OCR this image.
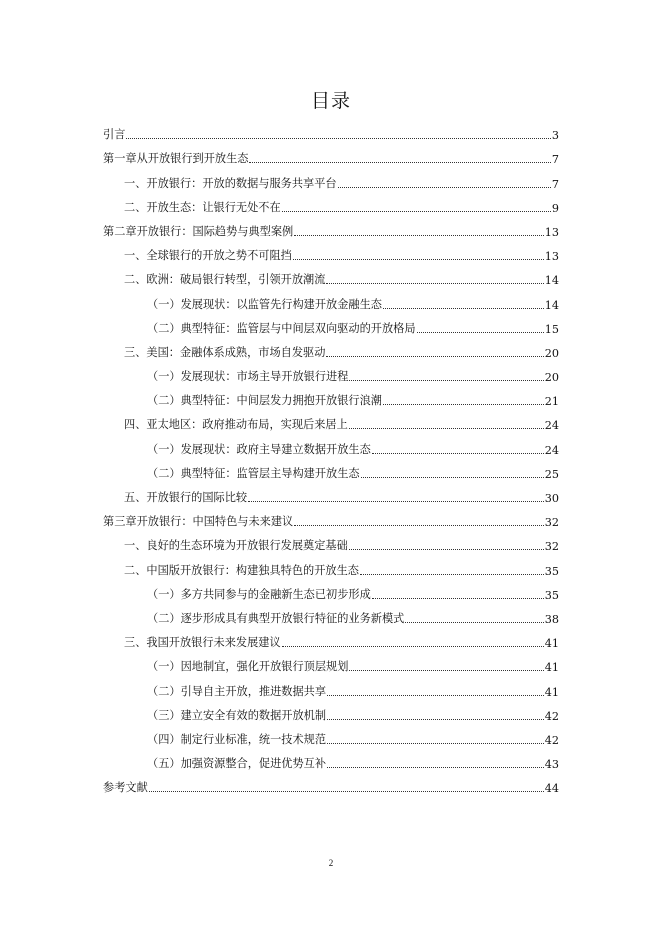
目录
引言	3
第一章从开放银行到开放生态	7
一、开放银行：开放的数据与服务共享平台	7
二、开放生态：让银行无处不在	9
第二章开放银行：国际趋势与典型案例	13
一、全球银行的开放之势不可阻挡	13
二、欧洲：破局银行转型，引领开放潮流	14
（一）发展现状：以监管先行构建开放金融生态	14
（二）典型特征：监管层与中间层双向驱动的开放格局	15
三、美国：金融体系成熟，市场自发驱动	20
（一）发展现状：市场主导开放银行进程	20
（二）典型特征：中间层发力拥抱开放银行浪潮	21
四、亚太地区：政府推动布局，实现后来居上	24
（一）发展现状：政府主导建立数据开放生态	24
（二）典型特征：监管层主导构建开放生态	25
五、开放银行的国际比较	30
第三章开放银行：中国特色与未来建议	32
一、良好的生态环境为开放银行发展奠定基础	32
二、中国版开放银行：构建独具特色的开放生态	35
（一）多方共同参与的金融新生态已初步形成	35
（二）逐步形成具有典型开放银行特征的业务新模式	38
三、我国开放银行未来发展建议	41
（一）因地制宜，强化开放银行顶层规划	41
（二）引导自主开放，推进数据共享	41
（三）建立安全有效的数据开放机制	42
（四）制定行业标准，统一技术规范	42
（五）加强资源整合，促进优势互补	43
参考文献	44
2
